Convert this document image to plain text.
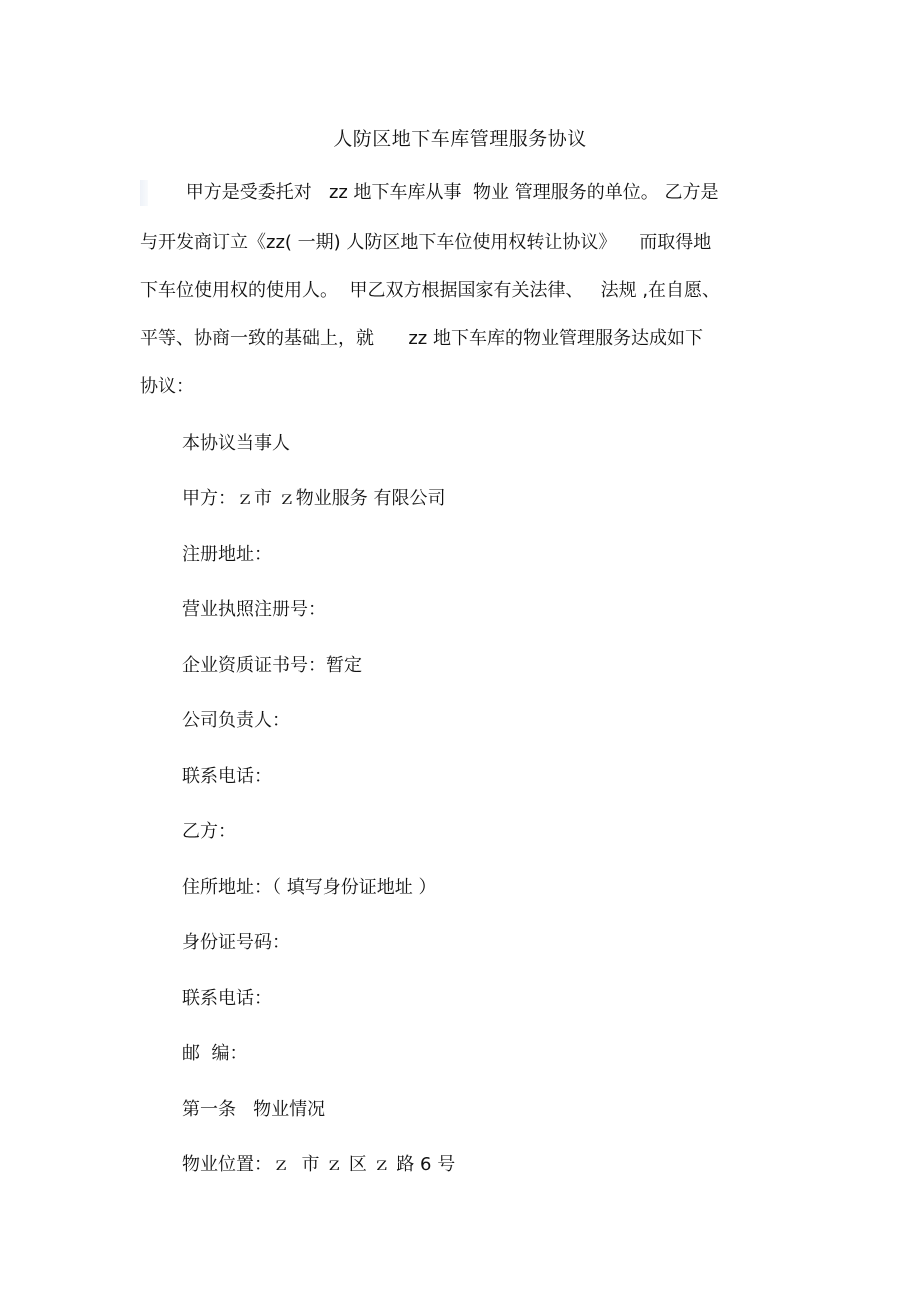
人防区地下车库管理服务协议
甲方是受委托对   zz 地下车库从事  物业 管理服务的单位。 乙方是
与开发商订立《zz( 一期) 人防区地下车位使用权转让协议》    而取得地
下车位使用权的使用人。  甲乙双方根据国家有关法律、   法规 ,在自愿、
平等、协商一致的基础上，就      zz 地下车库的物业管理服务达成如下
协议：
本协议当事人
甲方：ｚ市 ｚ物业服务 有限公司
注册地址：
营业执照注册号：
企业资质证书号：暂定
公司负责人：
联系电话：
乙方：
住所地址：（ 填写身份证地址 ）
身份证号码：
联系电话：
邮  编：
第一条   物业情况
物业位置：ｚ  市 ｚ 区 ｚ 路 6 号
